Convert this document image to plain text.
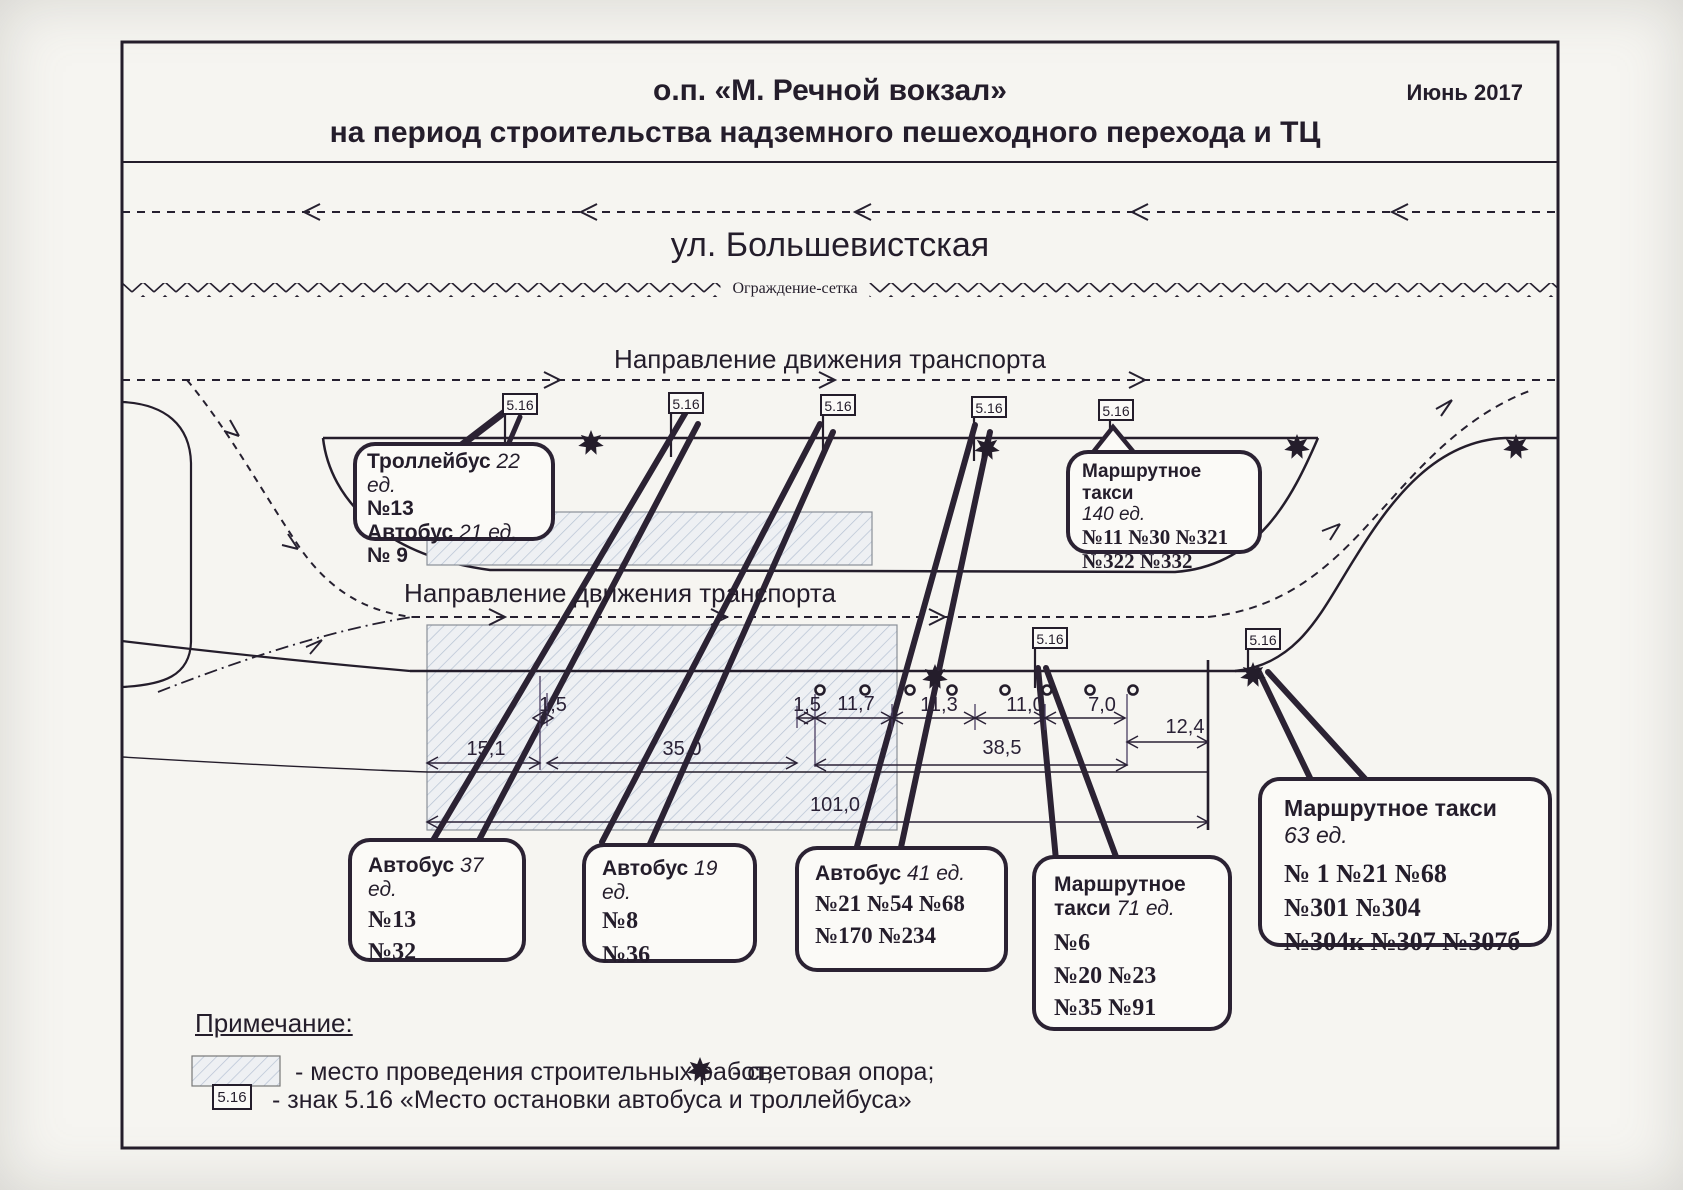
о.п. «М. Речной вокзал»	Июнь 2017
на период строительства надземного пешеходного перехода и ТЦ
ул. Большевистская
Ограждение-сетка
Направление движения транспорта
Направление движения транспорта
5.16	5.16	5.16	5.16	5.16
5.16	5.16
1,5
15,1	35,0
1,5 11,7 11,3 11,0 7,0
12,4
38,5
101,0
Троллейбус 22 ед.
№13
Автобус 21 ед.
№ 9
Маршрутное такси
140 ед.
№11 №30 №321
№322 №332
Автобус 37 ед.
№13
№32
Автобус 19 ед.
№8
№36
Автобус 41 ед.
№21 №54 №68
№170 №234
Маршрутное
такси 71 ед.
№6
№20 №23
№35 №91
Маршрутное такси 63 ед.
№ 1 №21 №68
№301 №304
№304к №307 №307б
Примечание:
- место проведения строительных работ;
- световая опора;
5.16 - знак 5.16 «Место остановки автобуса и троллейбуса»
